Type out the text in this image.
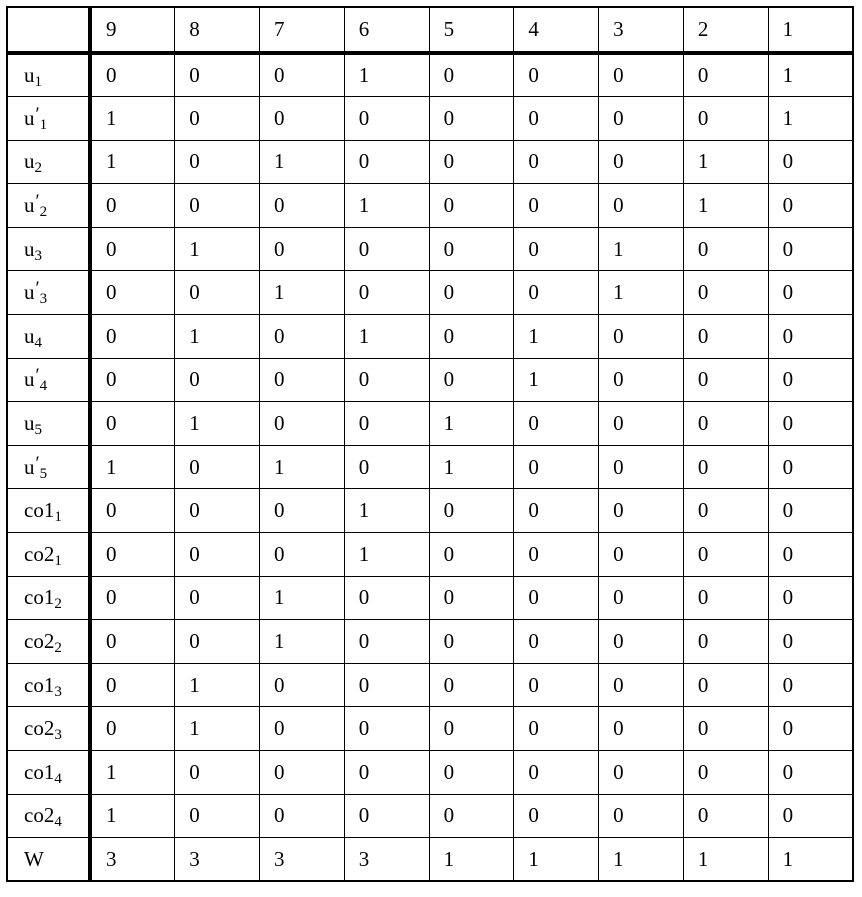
	9	8	7	6	5	4	3	2	1
$u_1$	0	0	0	1	0	0	0	0	1
$u'_1$	1	0	0	0	0	0	0	0	1
$u_2$	1	0	1	0	0	0	0	1	0
$u'_2$	0	0	0	1	0	0	0	1	0
$u_3$	0	1	0	0	0	0	1	0	0
$u'_3$	0	0	1	0	0	0	1	0	0
$u_4$	0	1	0	1	0	1	0	0	0
$u'_4$	0	0	0	0	0	1	0	0	0
$u_5$	0	1	0	0	1	0	0	0	0
$u'_5$	1	0	1	0	1	0	0	0	0
$co1_1$	0	0	0	1	0	0	0	0	0
$co2_1$	0	0	0	1	0	0	0	0	0
$co1_2$	0	0	1	0	0	0	0	0	0
$co2_2$	0	0	1	0	0	0	0	0	0
$co1_3$	0	1	0	0	0	0	0	0	0
$co2_3$	0	1	0	0	0	0	0	0	0
$co1_4$	1	0	0	0	0	0	0	0	0
$co2_4$	1	0	0	0	0	0	0	0	0
W	3	3	3	3	1	1	1	1	1
